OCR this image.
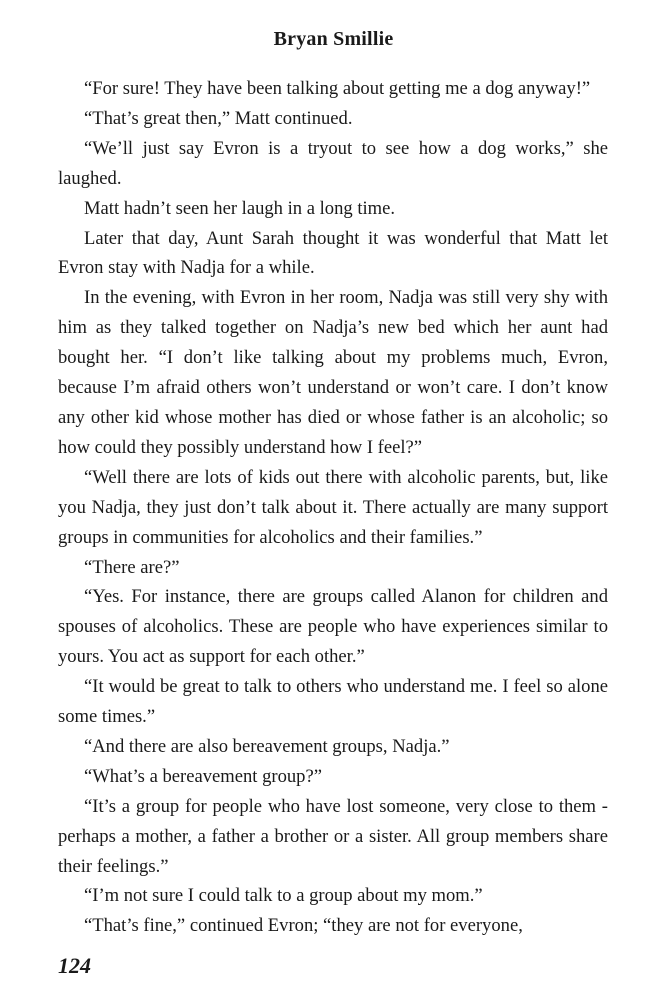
Bryan Smillie

“For sure! They have been talking about getting me a dog anyway!”

“That’s great then,” Matt continued.

“We’ll just say Evron is a tryout to see how a dog works,” she laughed.

Matt hadn’t seen her laugh in a long time.

Later that day, Aunt Sarah thought it was wonderful that Matt let Evron stay with Nadja for a while.

In the evening, with Evron in her room, Nadja was still very shy with him as they talked together on Nadja’s new bed which her aunt had bought her. “I don’t like talking about my problems much, Evron, because I’m afraid others won’t understand or won’t care. I don’t know any other kid whose mother has died or whose father is an alcoholic; so how could they possibly understand how I feel?”

“Well there are lots of kids out there with alcoholic parents, but, like you Nadja, they just don’t talk about it. There actually are many support groups in communities for alcoholics and their families.”

“There are?”

“Yes. For instance, there are groups called Alanon for children and spouses of alcoholics. These are people who have experiences similar to yours. You act as support for each other.”

“It would be great to talk to others who understand me. I feel so alone some times.”

“And there are also bereavement groups, Nadja.”

“What’s a bereavement group?”

“It’s a group for people who have lost someone, very close to them - perhaps a mother, a father a brother or a sister. All group members share their feelings.”

“I’m not sure I could talk to a group about my mom.”

“That’s fine,” continued Evron; “they are not for everyone,

124
